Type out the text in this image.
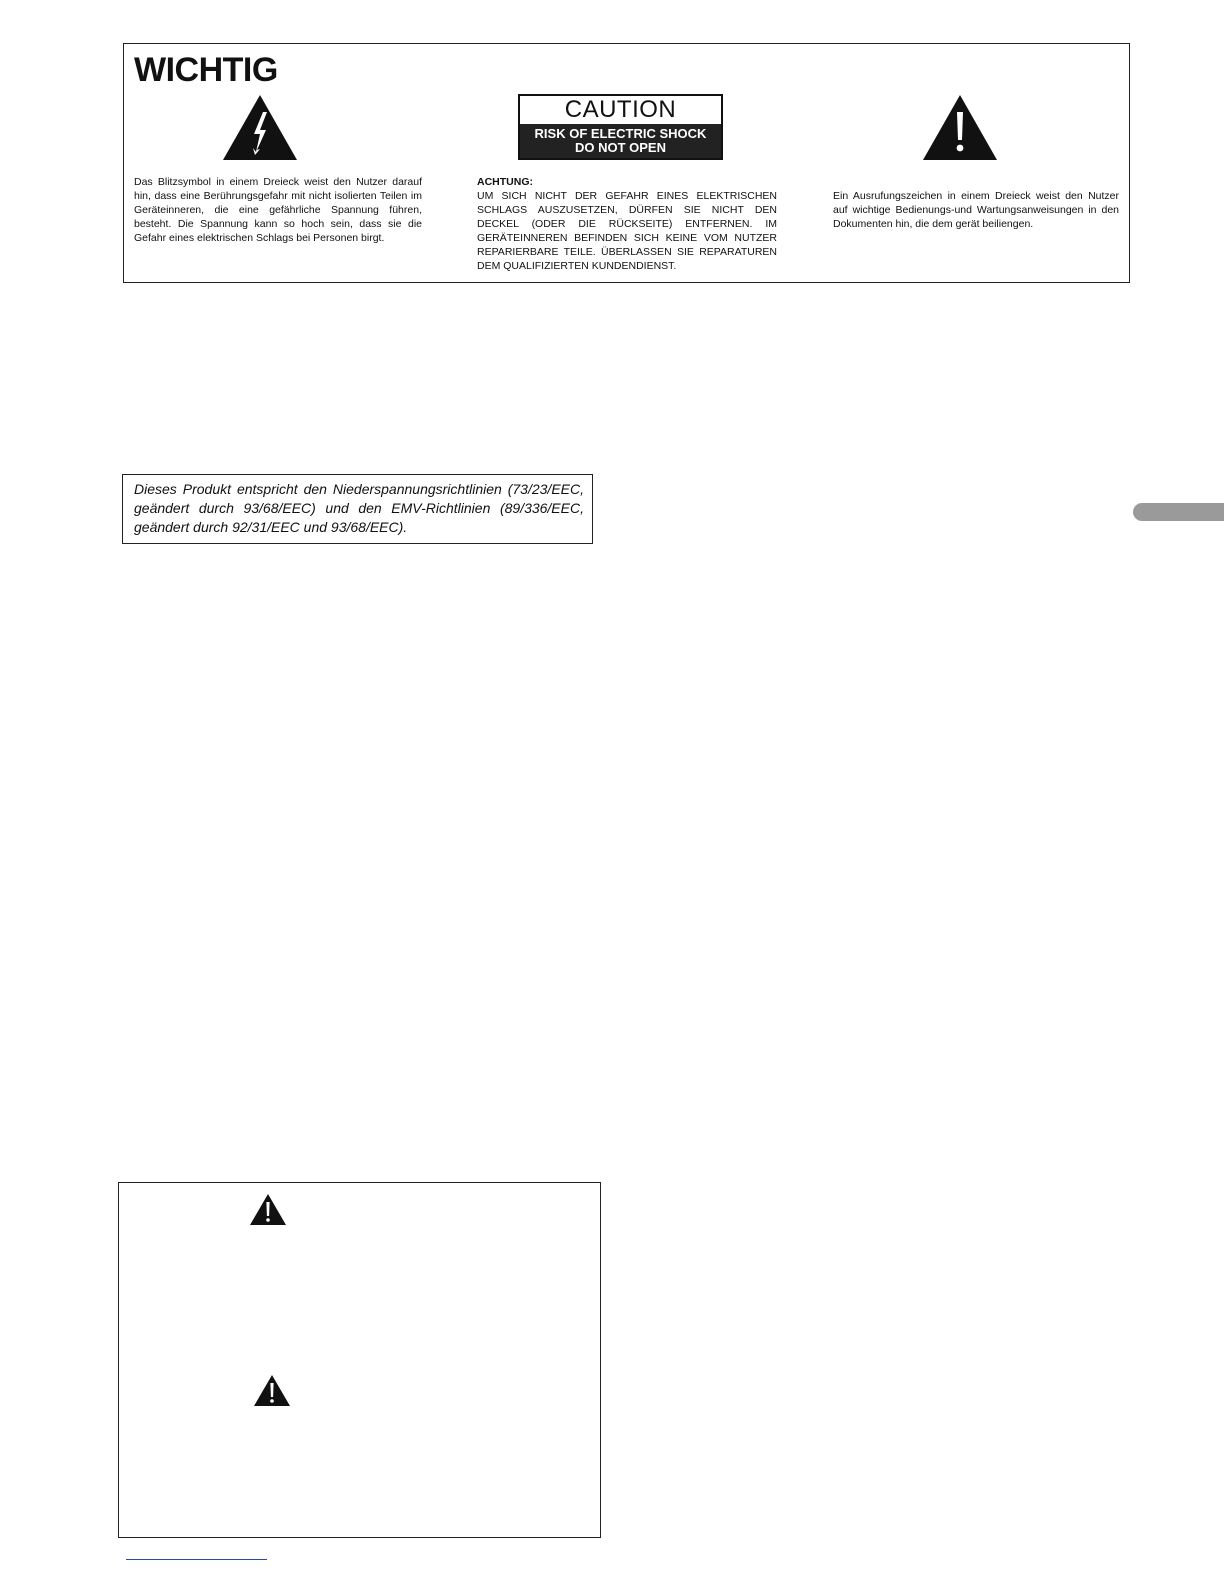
WICHTIG
CAUTION
RISK OF ELECTRIC SHOCK
DO NOT OPEN

Das Blitzsymbol in einem Dreieck weist den Nutzer darauf hin, dass eine Berührungsgefahr mit nicht isolierten Teilen im Geräteinneren, die eine gefährliche Spannung führen, besteht. Die Spannung kann so hoch sein, dass sie die Gefahr eines elektrischen Schlags bei Personen birgt.

ACHTUNG:

UM SICH NICHT DER GEFAHR EINES ELEKTRISCHEN SCHLAGS AUSZUSETZEN, DÜRFEN SIE NICHT DEN DECKEL (ODER DIE RÜCKSEITE) ENTFERNEN. IM GERÄTEINNEREN BEFINDEN SICH KEINE VOM NUTZER REPARIERBARE TEILE. ÜBERLASSEN SIE REPARATUREN DEM QUALIFIZIERTEN KUNDENDIENST.

Ein Ausrufungszeichen in einem Dreieck weist den Nutzer auf wichtige Bedienungs-und Wartungsanweisungen in den Dokumenten hin, die dem gerät beiliengen.

Dieses Produkt entspricht den Niederspannungsrichtlinien (73/23/EEC, geändert durch 93/68/EEC) und den EMV-Richtlinien (89/336/EEC, geändert durch 92/31/EEC und 93/68/EEC).
